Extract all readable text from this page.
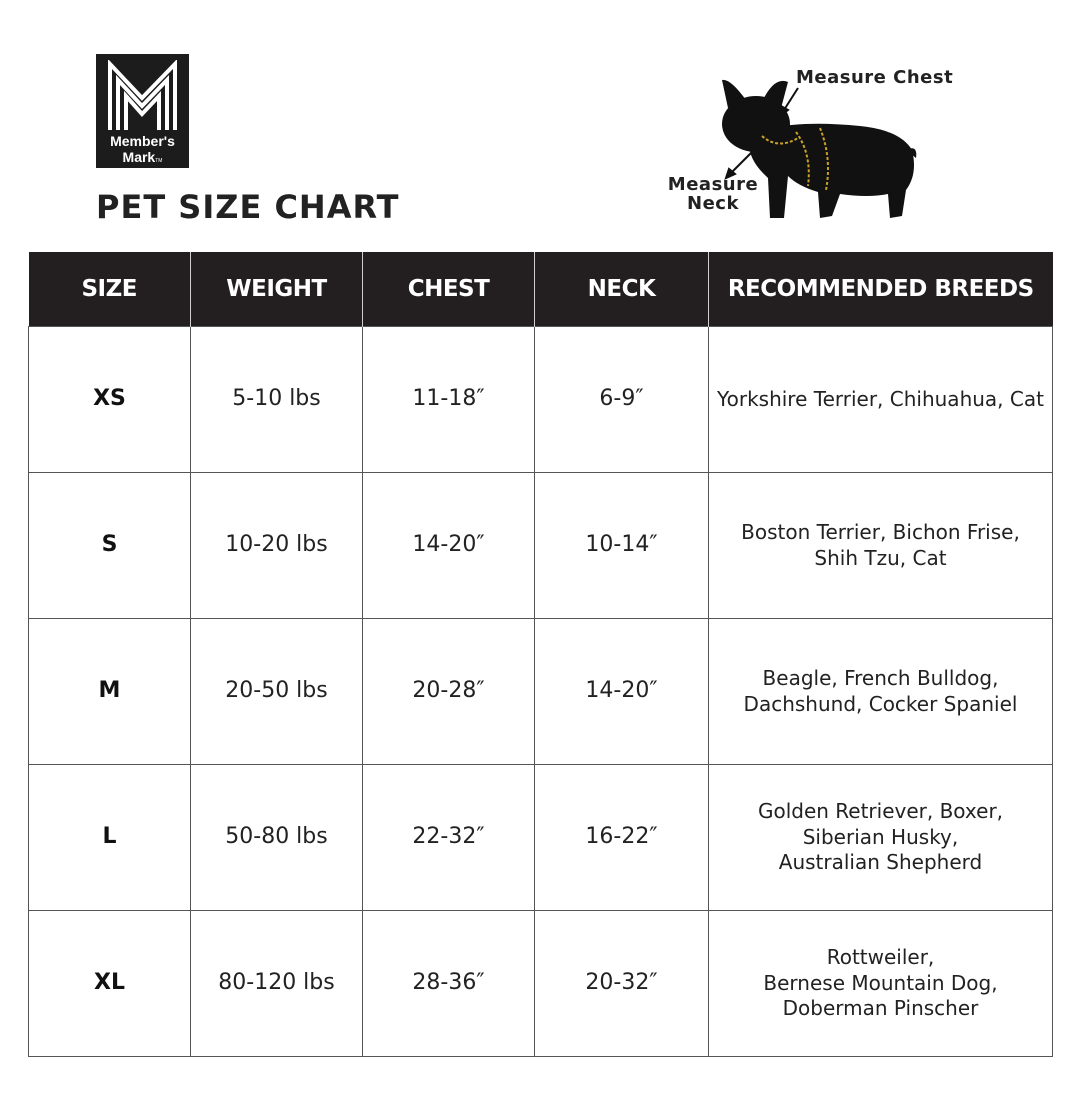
Member's
MarkTM
PET SIZE CHART
Measure Chest
Measure
Neck
SIZE	WEIGHT	CHEST	NECK	RECOMMENDED BREEDS
XS	5-10 lbs	11-18″	6-9″	Yorkshire Terrier, Chihuahua, Cat

S	10-20 lbs	14-20″	10-14″	Boston Terrier, Bichon Frise,
Shih Tzu, Cat

M	20-50 lbs	20-28″	14-20″	Beagle, French Bulldog,
Dachshund, Cocker Spaniel

L	50-80 lbs	22-32″	16-22″	Golden Retriever, Boxer,
Siberian Husky,
Australian Shepherd

XL	80-120 lbs	28-36″	20-32″	Rottweiler,
Bernese Mountain Dog,
Doberman Pinscher
